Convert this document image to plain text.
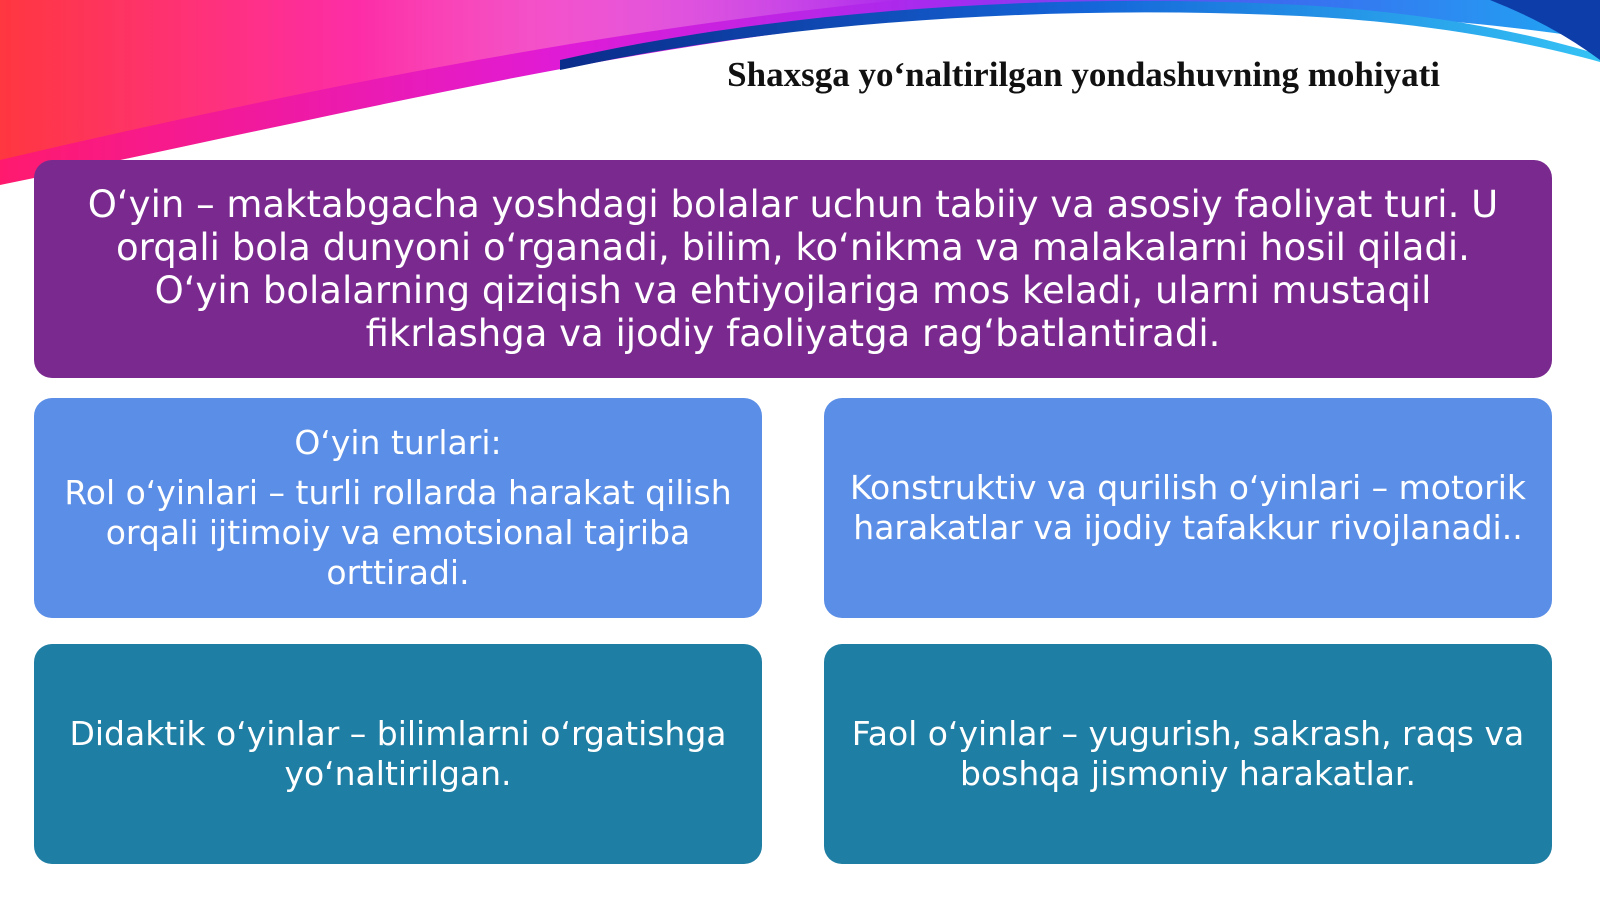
Shaxsga yo‘naltirilgan yondashuvning mohiyati
O‘yin – maktabgacha yoshdagi bolalar uchun tabiiy va asosiy faoliyat turi. U orqali bola dunyoni o‘rganadi, bilim, ko‘nikma va malakalarni hosil qiladi. O‘yin bolalarning qiziqish va ehtiyojlariga mos keladi, ularni mustaqil fikrlashga va ijodiy faoliyatga rag‘batlantiradi.
O‘yin turlari:
Rol o‘yinlari – turli rollarda harakat qilish orqali ijtimoiy va emotsional tajriba orttiradi.
Konstruktiv va qurilish o‘yinlari – motorik harakatlar va ijodiy tafakkur rivojlanadi..
Didaktik o‘yinlar – bilimlarni o‘rgatishga yo‘naltirilgan.
Faol o‘yinlar – yugurish, sakrash, raqs va boshqa jismoniy harakatlar.
